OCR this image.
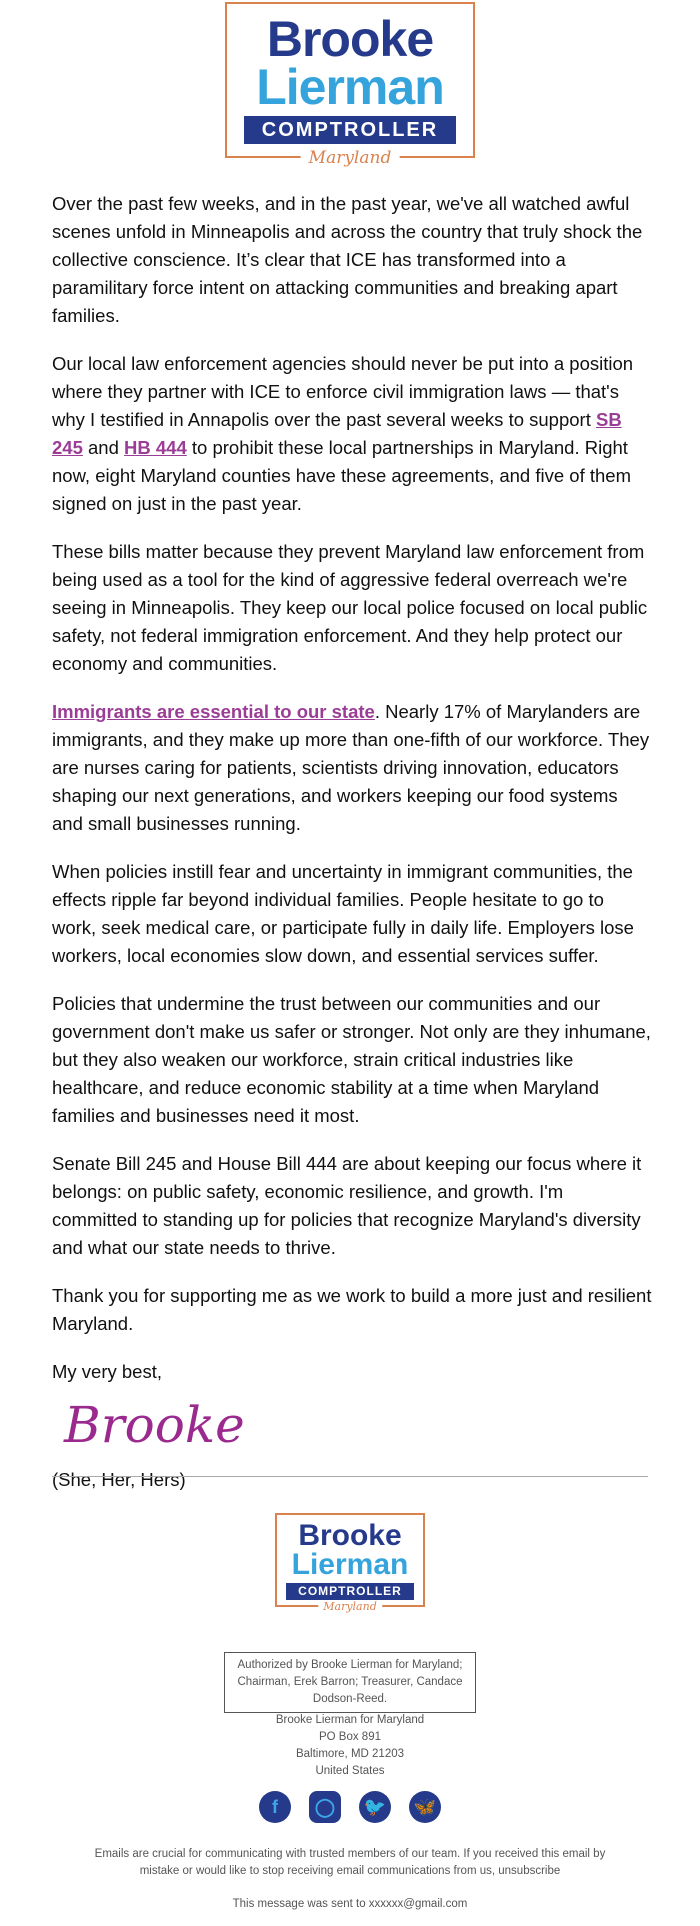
Brooke
Lierman
COMPTROLLER
Maryland

Over the past few weeks, and in the past year, we've all watched awful scenes unfold in Minneapolis and across the country that truly shock the collective conscience. It’s clear that ICE has transformed into a paramilitary force intent on attacking communities and breaking apart families.

Our local law enforcement agencies should never be put into a position where they partner with ICE to enforce civil immigration laws — that's why I testified in Annapolis over the past several weeks to support SB 245 and HB 444 to prohibit these local partnerships in Maryland. Right now, eight Maryland counties have these agreements, and five of them signed on just in the past year.

These bills matter because they prevent Maryland law enforcement from being used as a tool for the kind of aggressive federal overreach we're seeing in Minneapolis. They keep our local police focused on local public safety, not federal immigration enforcement. And they help protect our economy and communities.

Immigrants are essential to our state. Nearly 17% of Marylanders are immigrants, and they make up more than one-fifth of our workforce. They are nurses caring for patients, scientists driving innovation, educators shaping our next generations, and workers keeping our food systems and small businesses running.

When policies instill fear and uncertainty in immigrant communities, the effects ripple far beyond individual families. People hesitate to go to work, seek medical care, or participate fully in daily life. Employers lose workers, local economies slow down, and essential services suffer.

Policies that undermine the trust between our communities and our government don't make us safer or stronger. Not only are they inhumane, but they also weaken our workforce, strain critical industries like healthcare, and reduce economic stability at a time when Maryland families and businesses need it most.

Senate Bill 245 and House Bill 444 are about keeping our focus where it belongs: on public safety, economic resilience, and growth. I'm committed to standing up for policies that recognize Maryland's diversity and what our state needs to thrive.

Thank you for supporting me as we work to build a more just and resilient Maryland.

My very best,

Brooke

(She, Her, Hers)

Brooke
Lierman
COMPTROLLER
Maryland
Authorized by Brooke Lierman for Maryland; Chairman, Erek Barron; Treasurer, Candace Dodson-Reed.
Brooke Lierman for Maryland
PO Box 891
Baltimore, MD 21203
United States
f	◯	🐦 🦋
Emails are crucial for communicating with trusted members of our team. If you received this email by mistake or would like to stop receiving email communications from us, unsubscribe
This message was sent to xxxxxx@gmail.com
